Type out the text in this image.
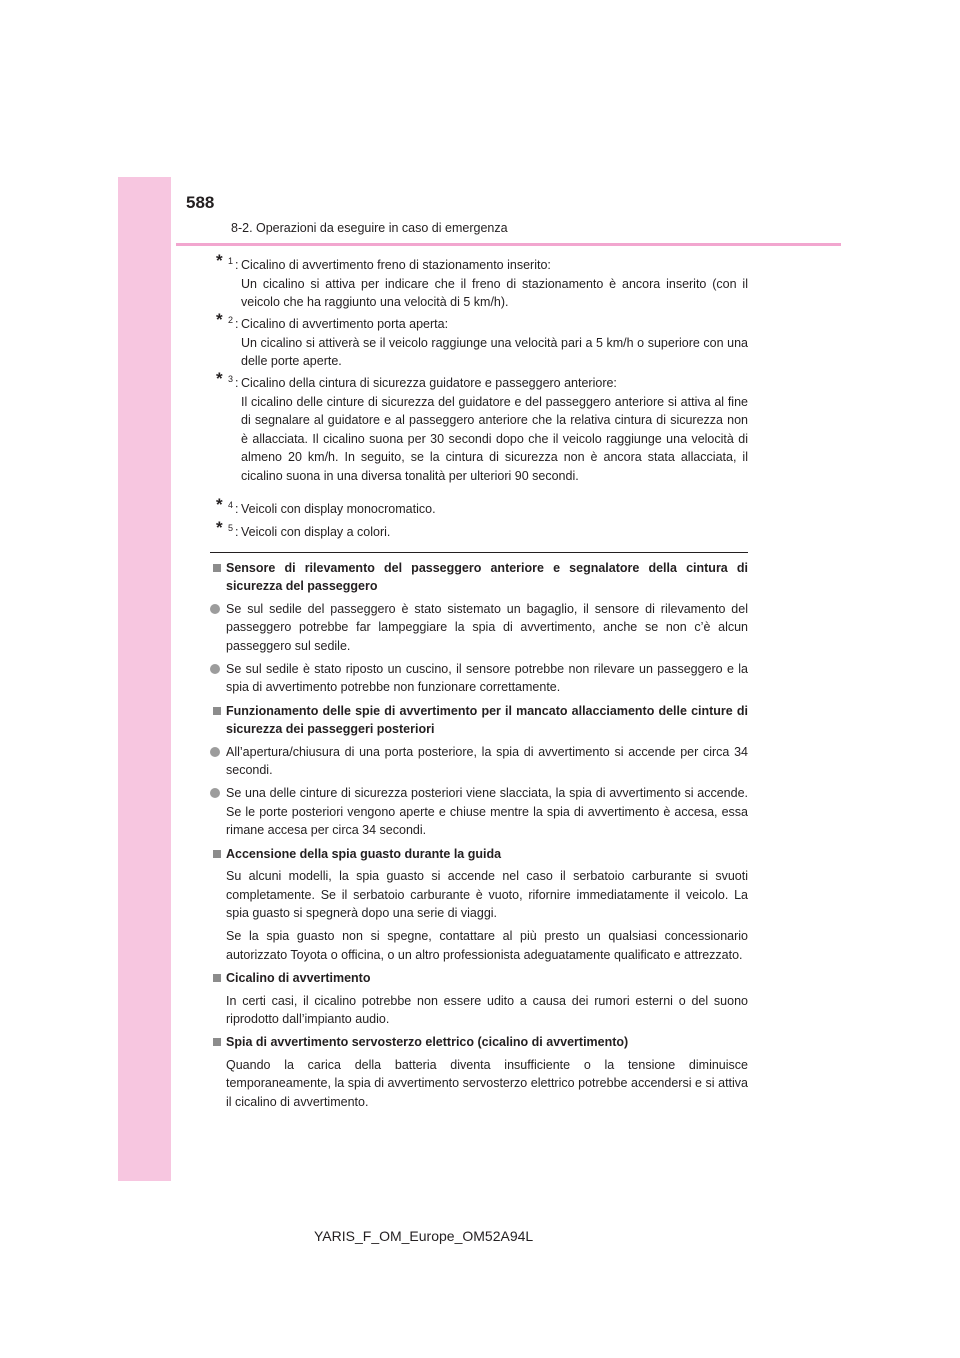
588
8-2. Operazioni da eseguire in caso di emergenza
* 1 : Cicalino di avvertimento freno di stazionamento inserito:
Un cicalino si attiva per indicare che il freno di stazionamento è ancora inserito (con il veicolo che ha raggiunto una velocità di 5 km/h).
* 2 : Cicalino di avvertimento porta aperta:
Un cicalino si attiverà se il veicolo raggiunge una velocità pari a 5 km/h o superiore con una delle porte aperte.
* 3 : Cicalino della cintura di sicurezza guidatore e passeggero anteriore:
Il cicalino delle cinture di sicurezza del guidatore e del passeggero anteriore si attiva al fine di segnalare al guidatore e al passeggero anteriore che la relativa cintura di sicurezza non è allacciata. Il cicalino suona per 30 secondi dopo che il veicolo raggiunge una velocità di almeno 20 km/h. In seguito, se la cintura di sicurezza non è ancora stata allacciata, il cicalino suona in una diversa tonalità per ulteriori 90 secondi.
* 4 : Veicoli con display monocromatico.
* 5 : Veicoli con display a colori.
Sensore di rilevamento del passeggero anteriore e segnalatore della cintura di sicurezza del passeggero
Se sul sedile del passeggero è stato sistemato un bagaglio, il sensore di rilevamento del passeggero potrebbe far lampeggiare la spia di avvertimento, anche se non c’è alcun passeggero sul sedile.
Se sul sedile è stato riposto un cuscino, il sensore potrebbe non rilevare un passeggero e la spia di avvertimento potrebbe non funzionare correttamente.
Funzionamento delle spie di avvertimento per il mancato allacciamento delle cinture di sicurezza dei passeggeri posteriori
All’apertura/chiusura di una porta posteriore, la spia di avvertimento si accende per circa 34 secondi.
Se una delle cinture di sicurezza posteriori viene slacciata, la spia di avvertimento si accende. Se le porte posteriori vengono aperte e chiuse mentre la spia di avvertimento è accesa, essa rimane accesa per circa 34 secondi.
Accensione della spia guasto durante la guida
Su alcuni modelli, la spia guasto si accende nel caso il serbatoio carburante si svuoti completamente. Se il serbatoio carburante è vuoto, rifornire immediatamente il veicolo. La spia guasto si spegnerà dopo una serie di viaggi.
Se la spia guasto non si spegne, contattare al più presto un qualsiasi concessionario autorizzato Toyota o officina, o un altro professionista adeguatamente qualificato e attrezzato.
Cicalino di avvertimento
In certi casi, il cicalino potrebbe non essere udito a causa dei rumori esterni o del suono riprodotto dall’impianto audio.
Spia di avvertimento servosterzo elettrico (cicalino di avvertimento)
Quando la carica della batteria diventa insufficiente o la tensione diminuisce temporaneamente, la spia di avvertimento servosterzo elettrico potrebbe accendersi e si attiva il cicalino di avvertimento.
YARIS_F_OM_Europe_OM52A94L
